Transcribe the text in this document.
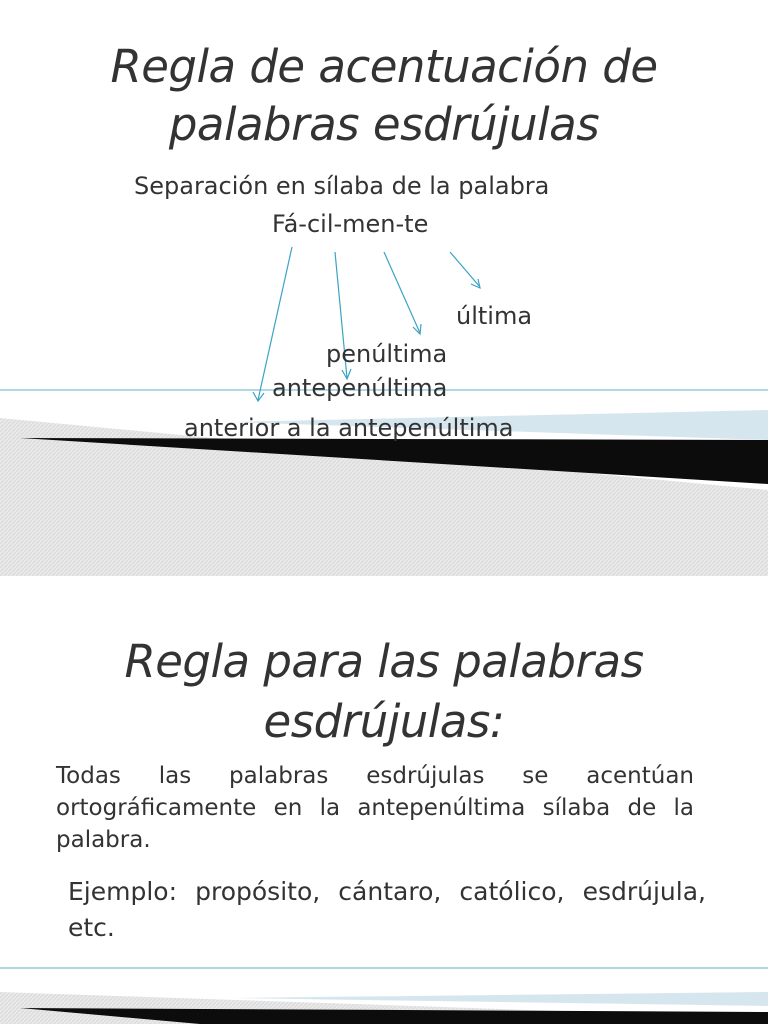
Regla de acentuación de
palabras esdrújulas
Separación en sílaba de la palabra
Fá-cil-men-te
última
penúltima
antepenúltima
anterior a la antepenúltima
Regla para las palabras
esdrújulas:

Todas las palabras esdrújulas se acentúan ortográficamente en la antepenúltima sílaba de la palabra.

Ejemplo: propósito, cántaro, católico, esdrújula, etc.
